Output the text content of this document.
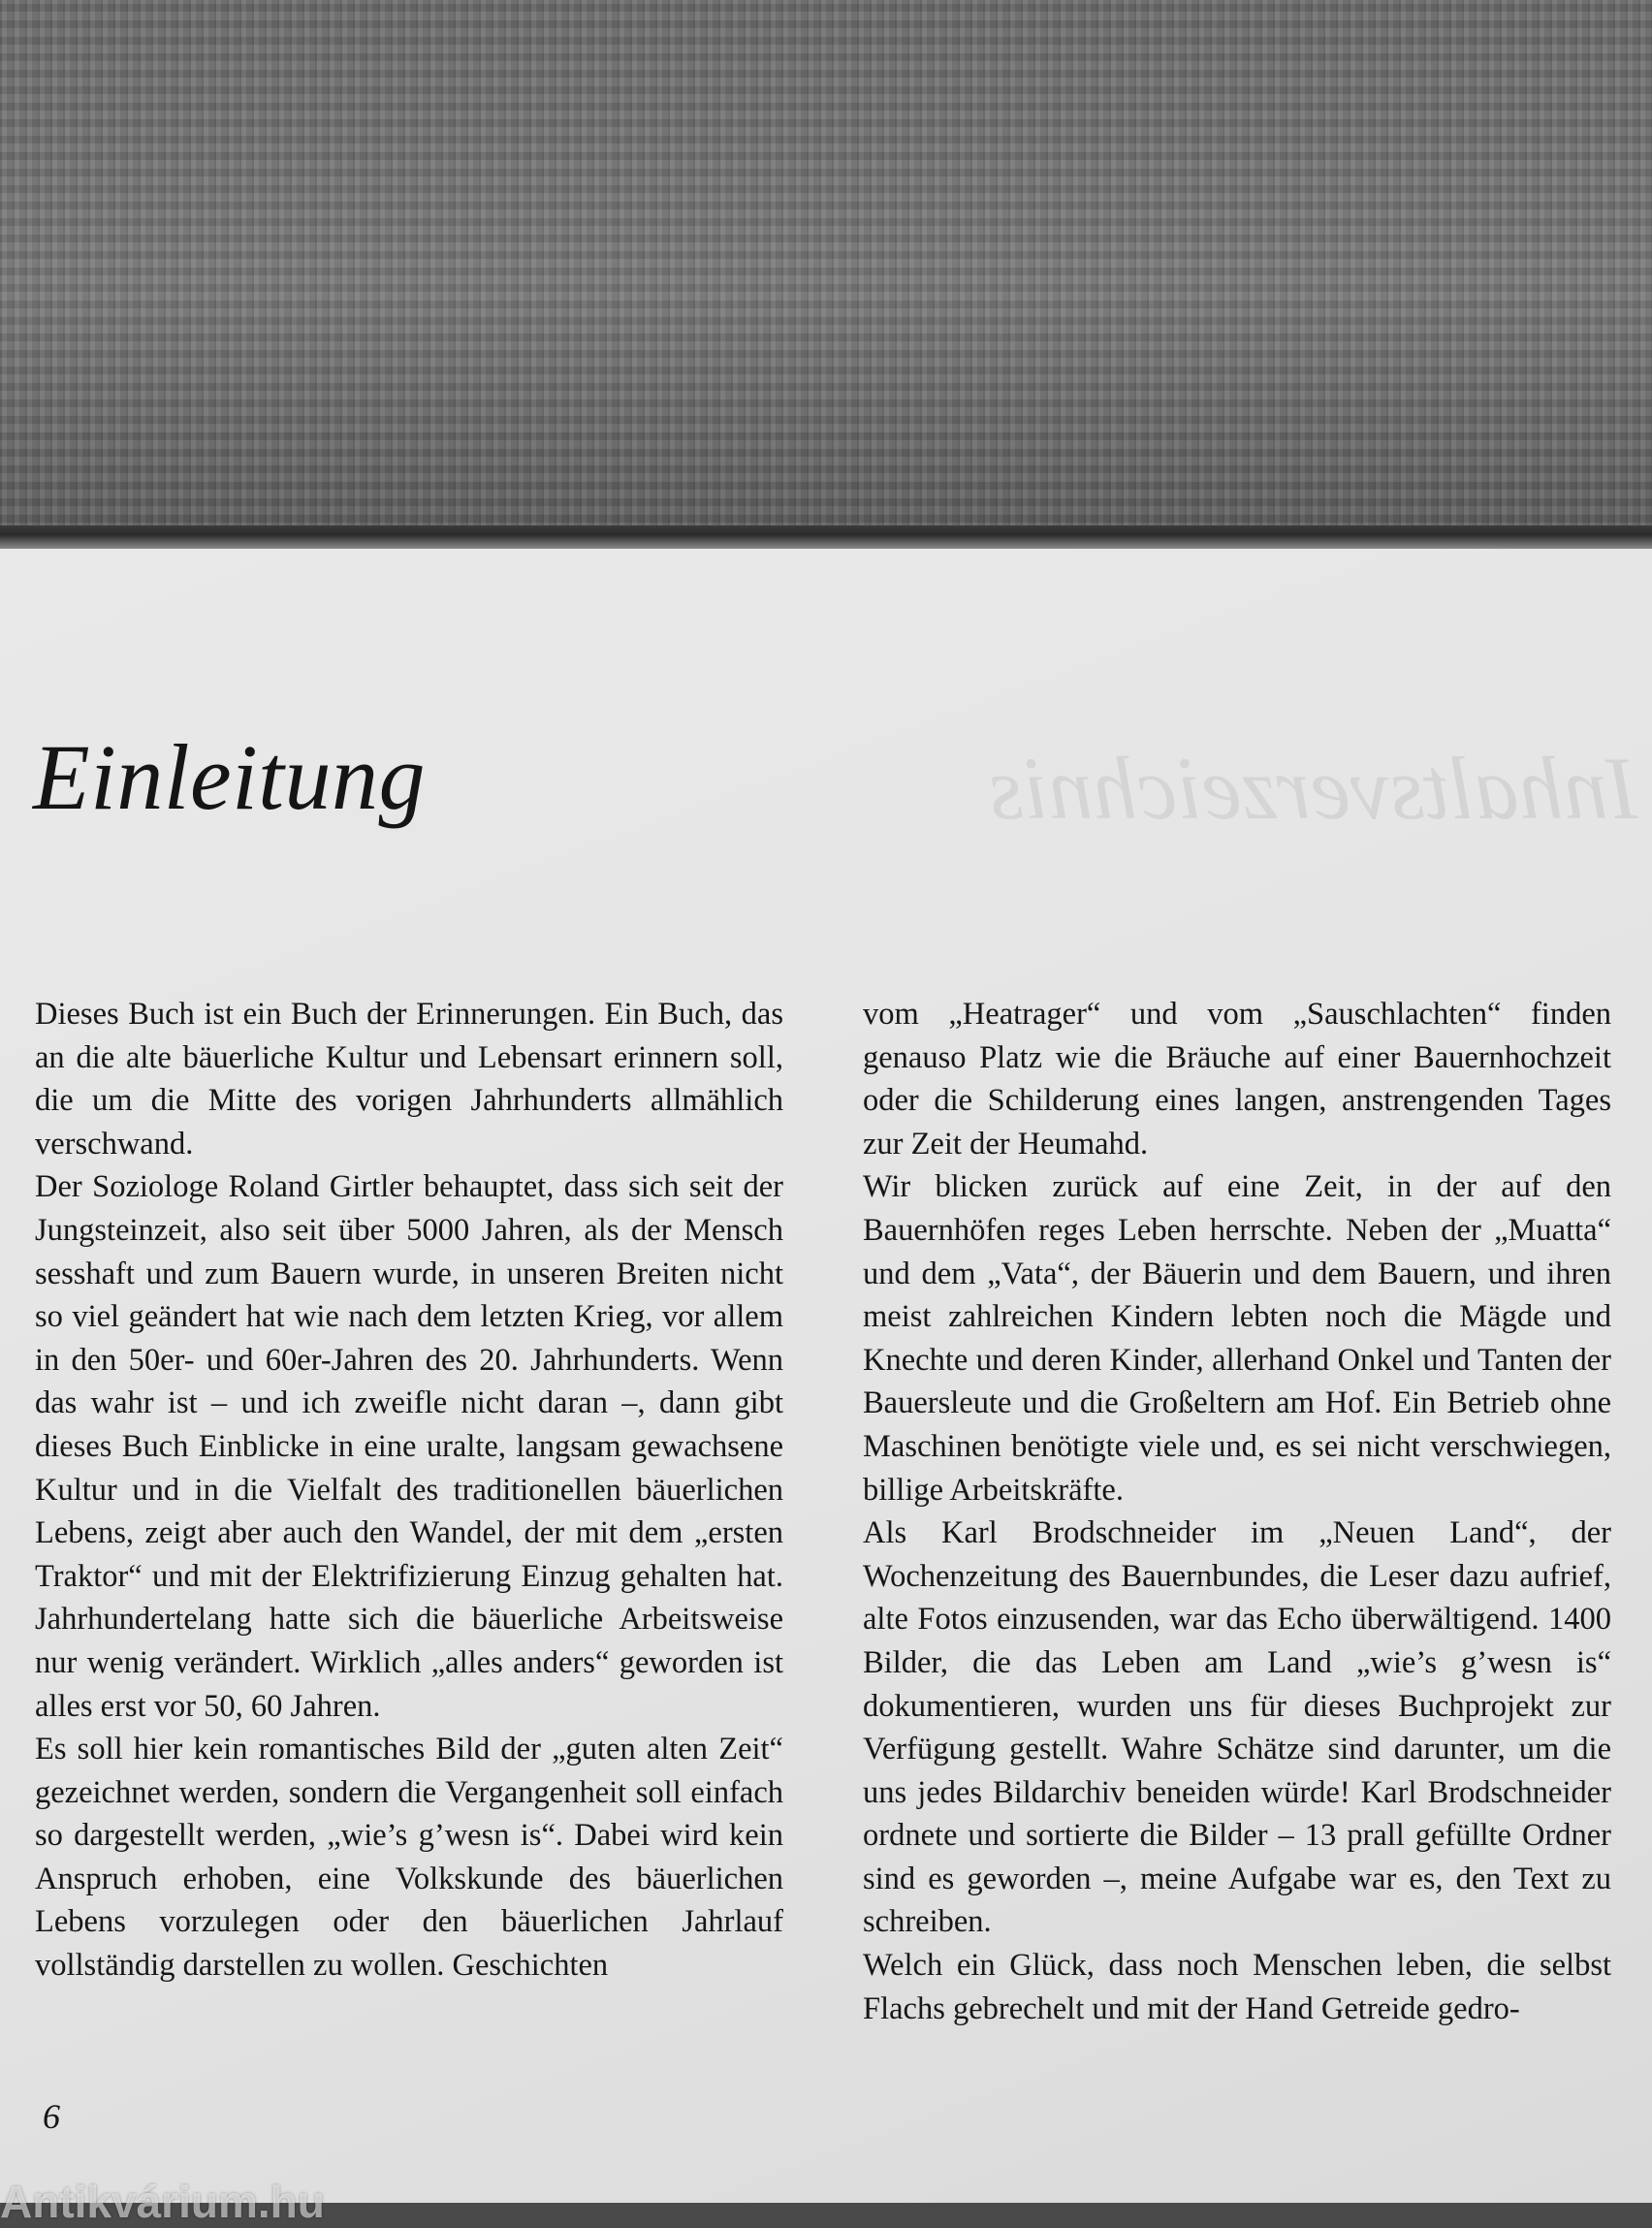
Inhaltsverzeichnis
Einleitung

Dieses Buch ist ein Buch der Erinnerungen. Ein Buch, das an die alte bäuerliche Kultur und Lebensart erinnern soll, die um die Mitte des vorigen Jahrhunderts allmählich verschwand.

Der Soziologe Roland Girtler behauptet, dass sich seit der Jungsteinzeit, also seit über 5000 Jahren, als der Mensch sesshaft und zum Bauern wurde, in unseren Breiten nicht so viel geändert hat wie nach dem letzten Krieg, vor allem in den 50er- und 60er-Jahren des 20. Jahrhunderts. Wenn das wahr ist – und ich zweifle nicht daran –, dann gibt dieses Buch Einblicke in eine uralte, langsam gewachsene Kultur und in die Vielfalt des traditionellen bäuerlichen Lebens, zeigt aber auch den Wandel, der mit dem „ersten Traktor“ und mit der Elektrifizierung Einzug gehalten hat. Jahrhundertelang hatte sich die bäuerliche Arbeitsweise nur wenig verändert. Wirklich „alles anders“ geworden ist alles erst vor 50, 60 Jahren.

Es soll hier kein romantisches Bild der „guten alten Zeit“ gezeichnet werden, sondern die Vergangenheit soll einfach so dargestellt werden, „wie’s g’wesn is“. Dabei wird kein Anspruch erhoben, eine Volkskunde des bäuerlichen Lebens vorzulegen oder den bäuerlichen Jahrlauf vollständig darstellen zu wollen. Geschichten

vom „Heatrager“ und vom „Sauschlachten“ finden genauso Platz wie die Bräuche auf einer Bauernhochzeit oder die Schilderung eines langen, anstrengenden Tages zur Zeit der Heumahd.

Wir blicken zurück auf eine Zeit, in der auf den Bauernhöfen reges Leben herrschte. Neben der „Muatta“ und dem „Vata“, der Bäuerin und dem Bauern, und ihren meist zahlreichen Kindern lebten noch die Mägde und Knechte und deren Kinder, allerhand Onkel und Tanten der Bauersleute und die Großeltern am Hof. Ein Betrieb ohne Maschinen benötigte viele und, es sei nicht verschwiegen, billige Arbeitskräfte.

Als Karl Brodschneider im „Neuen Land“, der Wochenzeitung des Bauernbundes, die Leser dazu aufrief, alte Fotos einzusenden, war das Echo überwältigend. 1400 Bilder, die das Leben am Land „wie’s g’wesn is“ dokumentieren, wurden uns für dieses Buchprojekt zur Verfügung gestellt. Wahre Schätze sind darunter, um die uns jedes Bildarchiv beneiden würde! Karl Brodschneider ordnete und sortierte die Bilder – 13 prall gefüllte Ordner sind es geworden –, meine Aufgabe war es, den Text zu schreiben.

Welch ein Glück, dass noch Menschen leben, die selbst Flachs gebrechelt und mit der Hand Getreide gedro-

6
Antikvárium.hu
